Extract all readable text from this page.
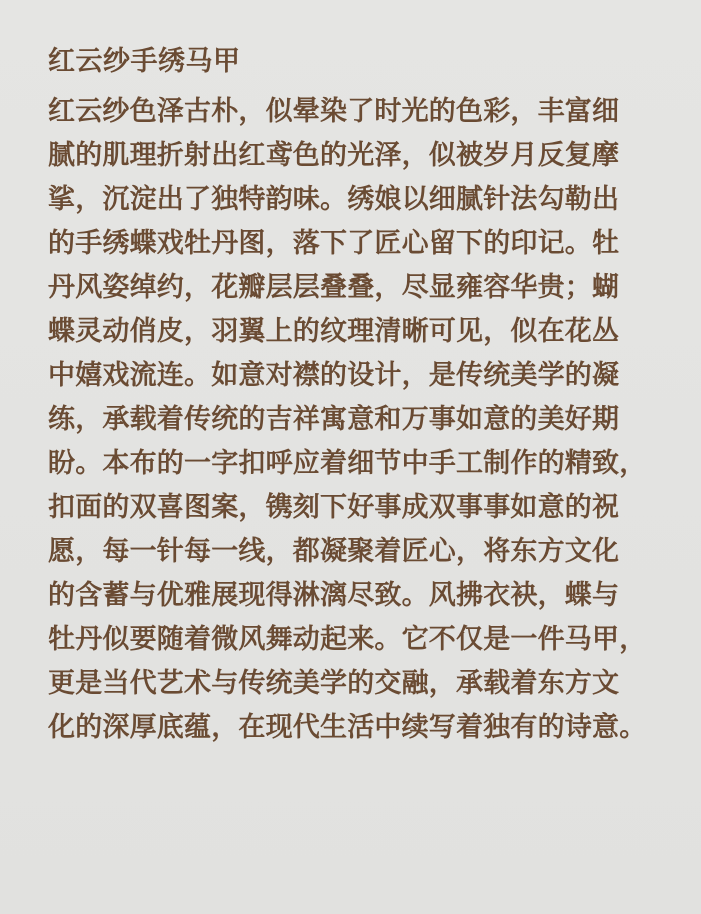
红云纱手绣马甲
红云纱色泽古朴，似晕染了时光的色彩，丰富细
腻的肌理折射出红鸢色的光泽，似被岁月反复摩
挲，沉淀出了独特韵味。绣娘以细腻针法勾勒出
的手绣蝶戏牡丹图，落下了匠心留下的印记。牡
丹风姿绰约，花瓣层层叠叠，尽显雍容华贵；蝴
蝶灵动俏皮，羽翼上的纹理清晰可见，似在花丛
中嬉戏流连。如意对襟的设计，是传统美学的凝
练，承载着传统的吉祥寓意和万事如意的美好期
盼。本布的一字扣呼应着细节中手工制作的精致，
扣面的双喜图案，镌刻下好事成双事事如意的祝
愿，每一针每一线，都凝聚着匠心，将东方文化
的含蓄与优雅展现得淋漓尽致。风拂衣袂，蝶与
牡丹似要随着微风舞动起来。它不仅是一件马甲，
更是当代艺术与传统美学的交融，承载着东方文
化的深厚底蕴，在现代生活中续写着独有的诗意。
